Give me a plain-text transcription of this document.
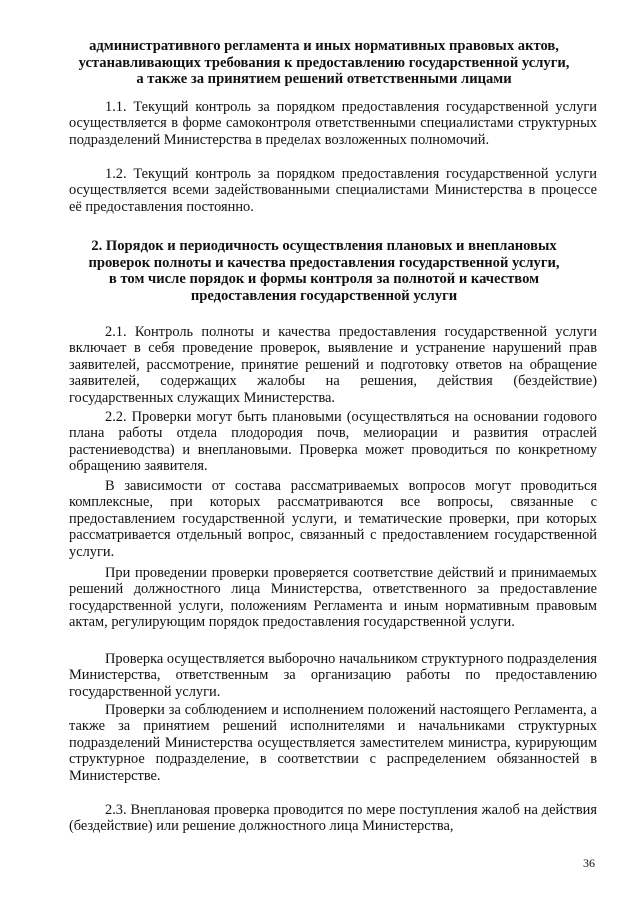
административного регламента и иных нормативных правовых актов,
устанавливающих требования к предоставлению государственной услуги,
а также за принятием решений ответственными лицами

1.1. Текущий контроль за порядком предоставления государственной услуги осуществляется в форме самоконтроля ответственными специалистами структурных подразделений Министерства в пределах возложенных полномочий.

1.2. Текущий контроль за порядком предоставления государственной услуги осуществляется всеми задействованными специалистами Министерства в процессе её предоставления постоянно.

2. Порядок и периодичность осуществления плановых и внеплановых
проверок полноты и качества предоставления государственной услуги,
в том числе порядок и формы контроля за полнотой и качеством
предоставления государственной услуги

2.1. Контроль полноты и качества предоставления государственной услуги включает в себя проведение проверок, выявление и устранение нарушений прав заявителей, рассмотрение, принятие решений и подготовку ответов на обращение заявителей, содержащих жалобы на решения, действия (бездействие) государственных служащих Министерства.

2.2. Проверки могут быть плановыми (осуществляться на основании годового плана работы отдела плодородия почв, мелиорации и развития отраслей растениеводства) и внеплановыми. Проверка может проводиться по конкретному обращению заявителя.

В зависимости от состава рассматриваемых вопросов могут проводиться комплексные, при которых рассматриваются все вопросы, связанные с предоставлением государственной услуги, и тематические проверки, при которых рассматривается отдельный вопрос, связанный с предоставлением государственной услуги.

При проведении проверки проверяется соответствие действий и принимаемых решений должностного лица Министерства, ответственного за предоставление государственной услуги, положениям Регламента и иным нормативным правовым актам, регулирующим порядок предоставления государственной услуги.

Проверка осуществляется выборочно начальником структурного подразделения Министерства, ответственным за организацию работы по предоставлению государственной услуги.

Проверки за соблюдением и исполнением положений настоящего Регламента, а также за принятием решений исполнителями и начальниками структурных подразделений Министерства осуществляется заместителем министра, курирующим структурное подразделение, в соответствии с распределением обязанностей в Министерстве.

2.3. Внеплановая проверка проводится по мере поступления жалоб на действия (бездействие) или решение должностного лица Министерства,

36
